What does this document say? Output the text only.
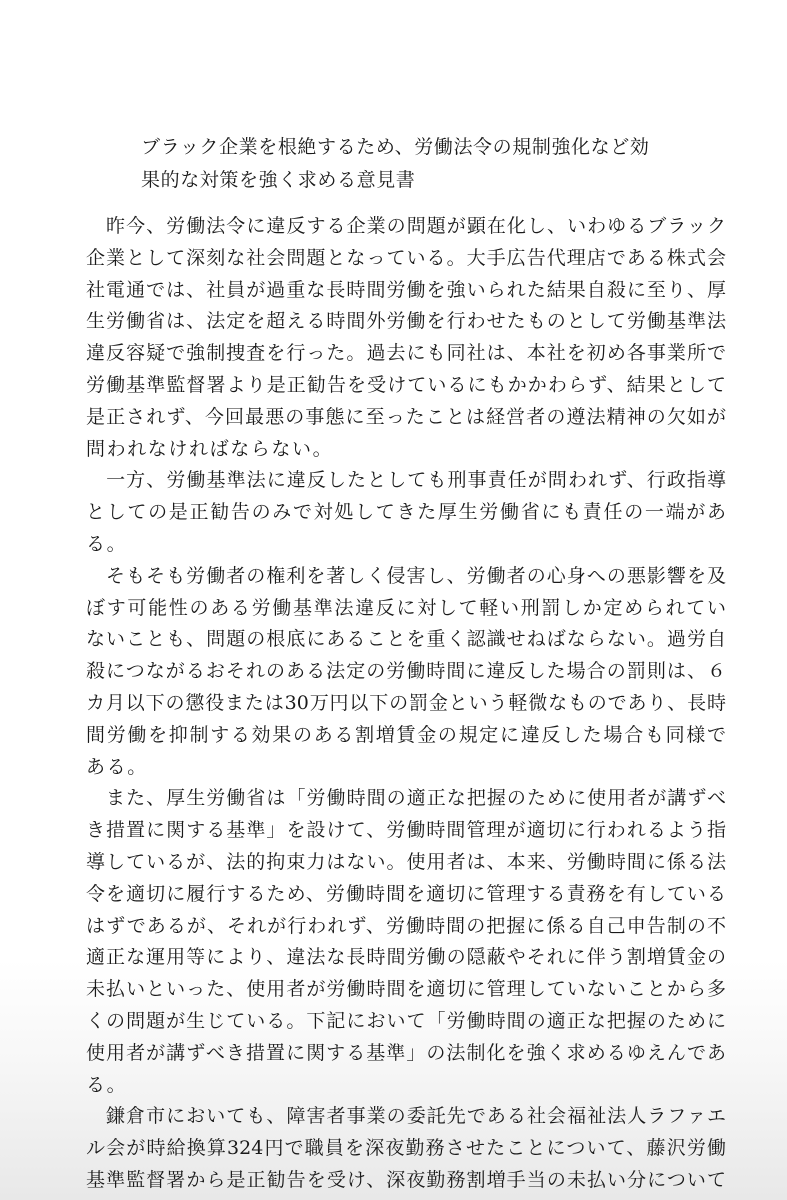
ブラック企業を根絶するため、労働法令の規制強化など効
果的な対策を強く求める意見書
　昨今、労働法令に違反する企業の問題が顕在化し、いわゆるブラック
企業として深刻な社会問題となっている。大手広告代理店である株式会
社電通では、社員が過重な長時間労働を強いられた結果自殺に至り、厚
生労働省は、法定を超える時間外労働を行わせたものとして労働基準法
違反容疑で強制捜査を行った。過去にも同社は、本社を初め各事業所で
労働基準監督署より是正勧告を受けているにもかかわらず、結果として
是正されず、今回最悪の事態に至ったことは経営者の遵法精神の欠如が
問われなければならない。
　一方、労働基準法に違反したとしても刑事責任が問われず、行政指導
としての是正勧告のみで対処してきた厚生労働省にも責任の一端があ
る。
　そもそも労働者の権利を著しく侵害し、労働者の心身への悪影響を及
ぼす可能性のある労働基準法違反に対して軽い刑罰しか定められてい
ないことも、問題の根底にあることを重く認識せねばならない。過労自
殺につながるおそれのある法定の労働時間に違反した場合の罰則は、６
カ月以下の懲役または30万円以下の罰金という軽微なものであり、長時
間労働を抑制する効果のある割増賃金の規定に違反した場合も同様で
ある。
　また、厚生労働省は「労働時間の適正な把握のために使用者が講ずべ
き措置に関する基準」を設けて、労働時間管理が適切に行われるよう指
導しているが、法的拘束力はない。使用者は、本来、労働時間に係る法
令を適切に履行するため、労働時間を適切に管理する責務を有している
はずであるが、それが行われず、労働時間の把握に係る自己申告制の不
適正な運用等により、違法な長時間労働の隠蔽やそれに伴う割増賃金の
未払いといった、使用者が労働時間を適切に管理していないことから多
くの問題が生じている。下記において「労働時間の適正な把握のために
使用者が講ずべき措置に関する基準」の法制化を強く求めるゆえんであ
る。
　鎌倉市においても、障害者事業の委託先である社会福祉法人ラファエ
ル会が時給換算324円で職員を深夜勤務させたことについて、藤沢労働
基準監督署から是正勧告を受け、深夜勤務割増手当の未払い分について
